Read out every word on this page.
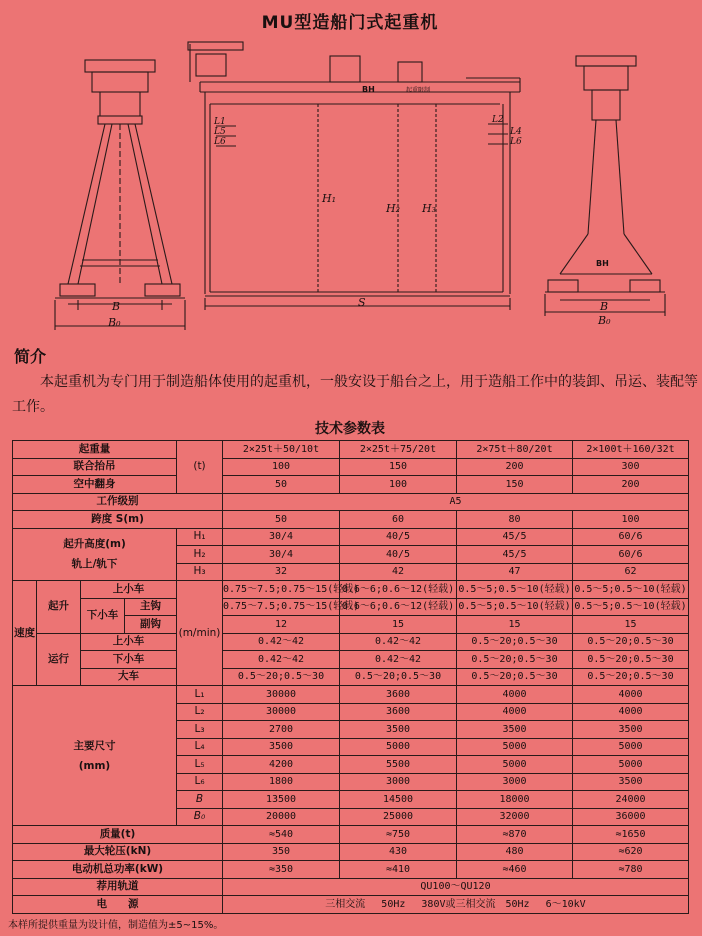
MU型造船门式起重机
B
B₀
S
H₁
H₂ H₃
L1
L5
L6
L2
L4
L6
B
B₀
BH
BH
起重限制
简介
本起重机为专门用于制造船体使用的起重机，一般安设于船台之上，用于造船工作中的装卸、吊运、装配等工作。
技术参数表
起重量				(t)	2×25t＋50/10t	2×25t＋75/20t	2×75t＋80/20t	2×100t＋160/32t
联合抬吊					100	150	200	300
空中翻身					50	100	150	200
工作级别					A5			
跨度 S(m)					50	60	80	100
起升高度(m)
轨上/轨下				H₁	30/4	40/5	45/5	60/6
				H₂	30/4	40/5	45/5	60/6
				H₃	32	42	47	62
速度	起升	上小车		(m/min)	0.75～7.5;0.75～15(轻载)	0.6～6;0.6～12(轻载)	0.5～5;0.5～10(轻载)	0.5～5;0.5～10(轻载)
		下小车	主钩		0.75～7.5;0.75～15(轻载)	0.6～6;0.6～12(轻载)	0.5～5;0.5～10(轻载)	0.5～5;0.5～10(轻载)
			副钩		12	15	15	15
	运行	上小车			0.42～42	0.42～42	0.5～20;0.5～30	0.5～20;0.5～30
		下小车			0.42～42	0.42～42	0.5～20;0.5～30	0.5～20;0.5～30
		大车			0.5～20;0.5～30	0.5～20;0.5～30	0.5～20;0.5～30	0.5～20;0.5～30
主要尺寸
(mm)				L₁	30000	3600	4000	4000
				L₂	30000	3600	4000	4000
				L₃	2700	3500	3500	3500
				L₄	3500	5000	5000	5000
				L₅	4200	5500	5000	5000
				L₆	1800	3000	3000	3500
				B	13500	14500	18000	24000
				B₀	20000	25000	32000	36000
质量(t)					≈540	≈750	≈870	≈1650
最大轮压(kN)					350	430	480	≈620
电动机总功率(kW)					≈350	≈410	≈460	≈780
荐用轨道					QU100～QU120			
电　　源					三相交流　 50Hz　 380V或三相交流　50Hz　 6～10kV			
本样所提供重量为设计值，制造值为±5~15%。
